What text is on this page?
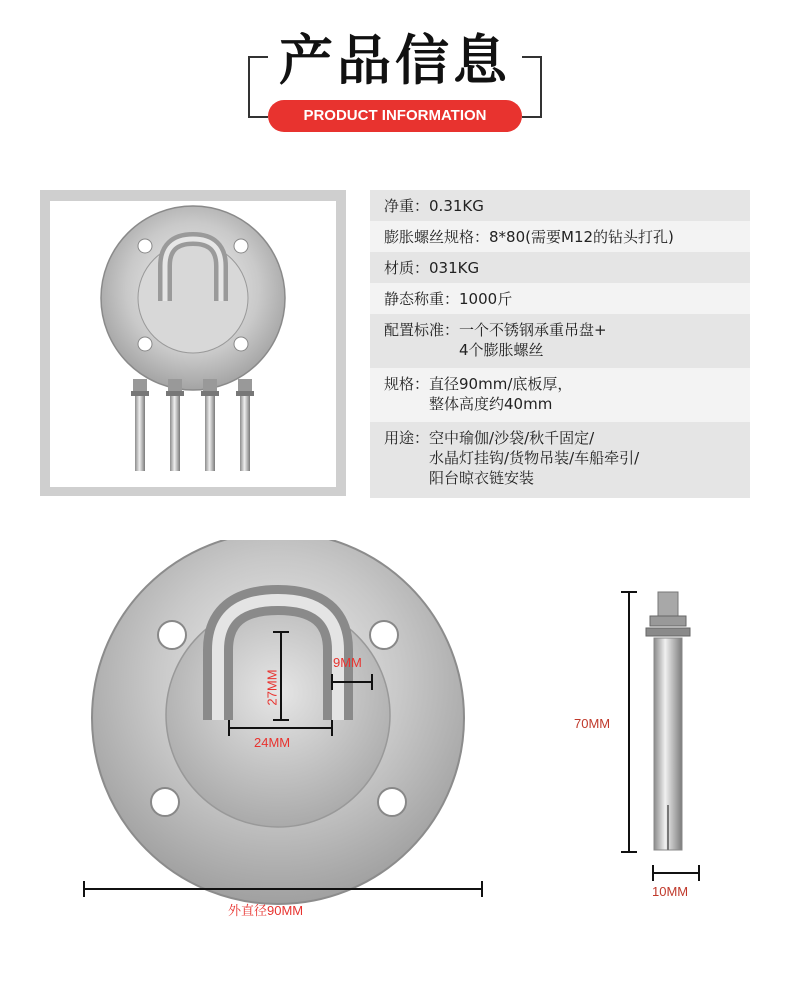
产品信息
PRODUCT INFORMATION
净重：0.31KG
膨胀螺丝规格：8*80(需要M12的钻头打孔)
材质：031KG
静态称重：1000斤
配置标准：一个不锈钢承重吊盘+
4个膨胀螺丝
规格：直径90mm/底板厚，
整体高度约40mm
用途：空中瑜伽/沙袋/秋千固定/
水晶灯挂钩/货物吊装/车船牵引/
阳台晾衣链安装
27MM
9MM
24MM
外直径90MM
70MM
10MM
